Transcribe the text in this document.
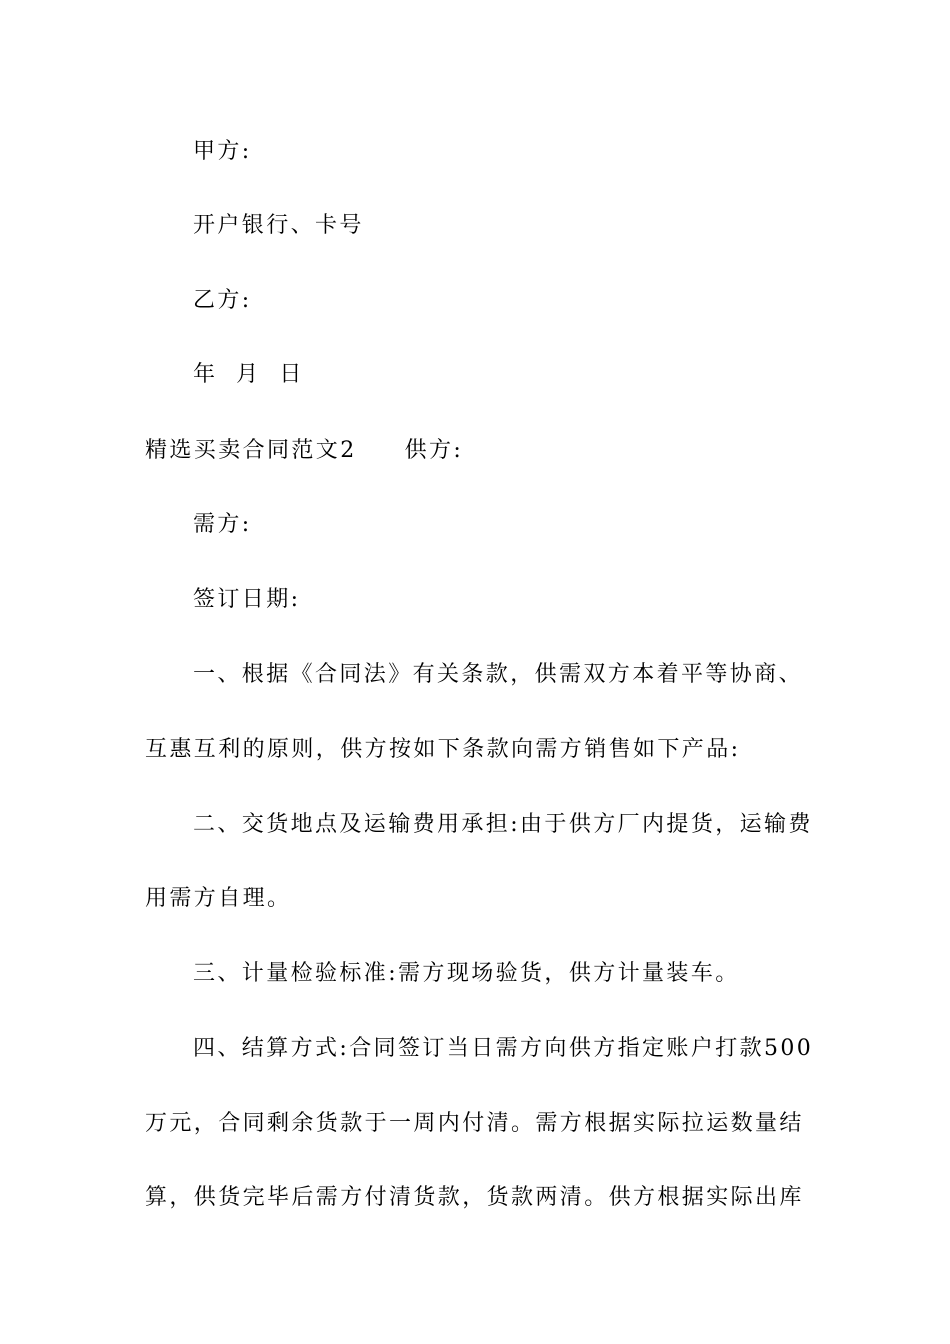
甲方:
开户银行、卡号
乙方:
年  月  日
精选买卖合同范文2 供方:
需方:
签订日期:
一、根据《合同法》有关条款，供需双方本着平等协商、
互惠互利的原则，供方按如下条款向需方销售如下产品:
二、交货地点及运输费用承担:由于供方厂内提货，运输费
用需方自理。
三、计量检验标准:需方现场验货，供方计量装车。
四、结算方式:合同签订当日需方向供方指定账户打款500
万元，合同剩余货款于一周内付清。需方根据实际拉运数量结
算，供货完毕后需方付清货款，货款两清。供方根据实际出库
